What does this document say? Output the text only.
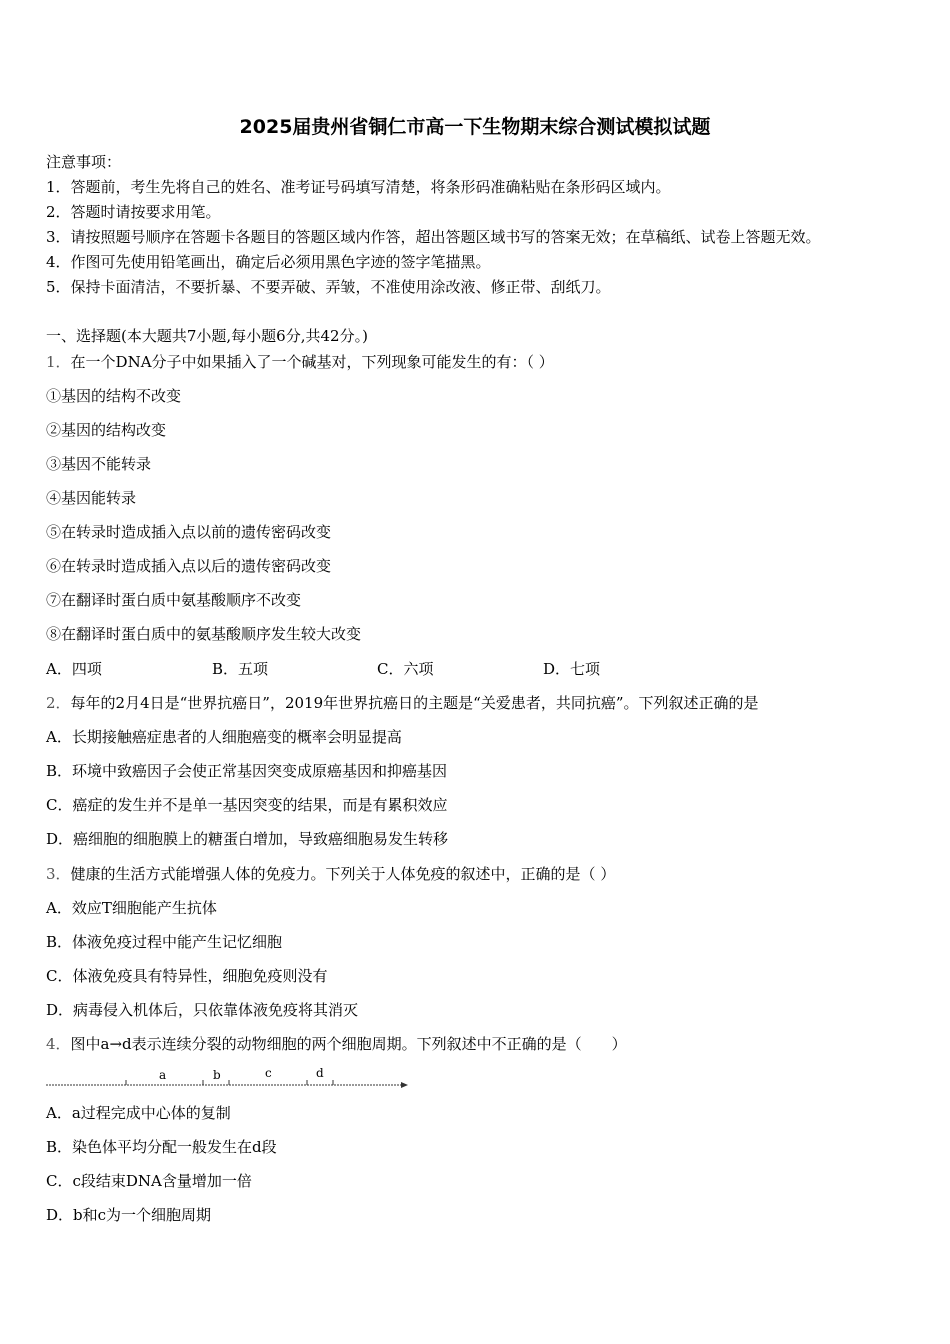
2025届贵州省铜仁市高一下生物期末综合测试模拟试题
注意事项：
1．答题前，考生先将自己的姓名、准考证号码填写清楚，将条形码准确粘贴在条形码区域内。
2．答题时请按要求用笔。
3．请按照题号顺序在答题卡各题目的答题区域内作答，超出答题区域书写的答案无效；在草稿纸、试卷上答题无效。
4．作图可先使用铅笔画出，确定后必须用黑色字迹的签字笔描黑。
5．保持卡面清洁，不要折暴、不要弄破、弄皱，不准使用涂改液、修正带、刮纸刀。
一、选择题(本大题共7小题,每小题6分,共42分。)
1．在一个DNA分子中如果插入了一个碱基对，下列现象可能发生的有：（ ）
①基因的结构不改变
②基因的结构改变
③基因不能转录
④基因能转录
⑤在转录时造成插入点以前的遗传密码改变
⑥在转录时造成插入点以后的遗传密码改变
⑦在翻译时蛋白质中氨基酸顺序不改变
⑧在翻译时蛋白质中的氨基酸顺序发生较大改变
A．四项	B．五项	C．六项	D．七项
2．每年的2月4日是“世界抗癌日”，2019年世界抗癌日的主题是“关爱患者，共同抗癌”。下列叙述正确的是
A．长期接触癌症患者的人细胞癌变的概率会明显提高
B．环境中致癌因子会使正常基因突变成原癌基因和抑癌基因
C．癌症的发生并不是单一基因突变的结果，而是有累积效应
D．癌细胞的细胞膜上的糖蛋白增加，导致癌细胞易发生转移
3．健康的生活方式能增强人体的免疫力。下列关于人体免疫的叙述中，正确的是（ ）
A．效应T细胞能产生抗体
B．体液免疫过程中能产生记忆细胞
C．体液免疫具有特异性，细胞免疫则没有
D．病毒侵入机体后，只依靠体液免疫将其消灭
4．图中a→d表示连续分裂的动物细胞的两个细胞周期。下列叙述中不正确的是（　　）
a	b	c	d
A．a过程完成中心体的复制
B．染色体平均分配一般发生在d段
C．c段结束DNA含量增加一倍
D．b和c为一个细胞周期
